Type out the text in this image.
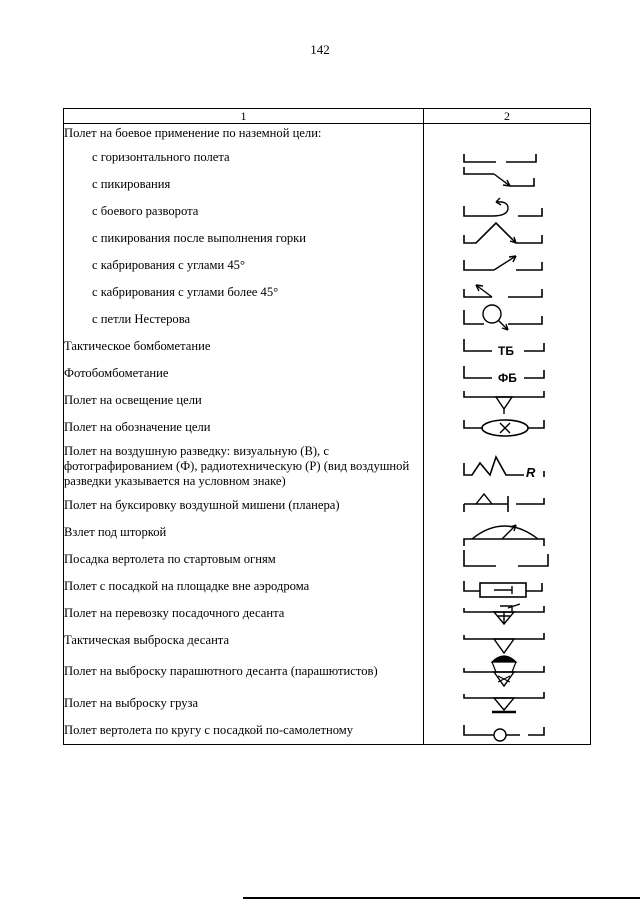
142
1	2
Полет на боевое применение по наземной цели:	
с горизонтального полета	

с пикирования	

с боевого разворота	

с пикирования после выполнения горки	

с кабрирования с углами 45°	

с кабрирования с углами более 45°	

с петли Нестерова	

Тактическое бомбометание	ТБ

Фотобомбометание	ФБ

Полет на освещение цели	

Полет на обозначение цели	

Полет на воздушную разведку: визуальную (В), с фотографированием (Ф), радиотехническую (Р) (вид воздушной разведки указывается на условном знаке)	R

Полет на буксировку воздушной мишени (планера)	

Взлет под шторкой	

Посадка вертолета по стартовым огням	

Полет с посадкой на площадке вне аэродрома	

Полет на перевозку посадочного десанта	

Тактическая выброска десанта	

Полет на выброску парашютного десанта (парашютистов)	

Полет на выброску груза	

Полет вертолета по кругу с посадкой по-самолетному	
